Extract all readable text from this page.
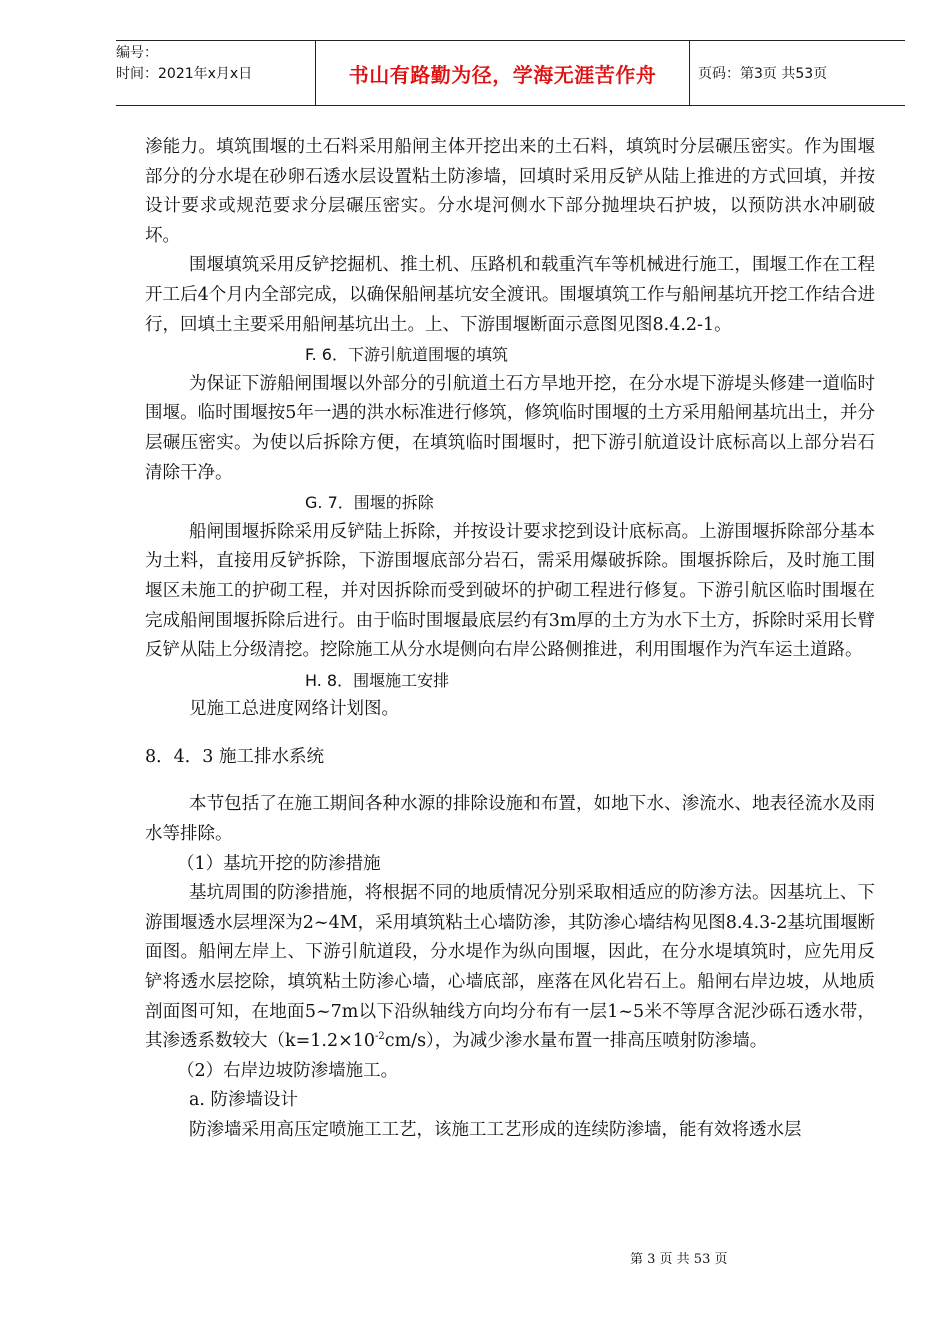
编号：
时间：2021年x月x日	书山有路勤为径，学海无涯苦作舟	页码：第3页 共53页

渗能力。填筑围堰的土石料采用船闸主体开挖出来的土石料，填筑时分层碾压密实。作为围堰部分的分水堤在砂卵石透水层设置粘土防渗墙，回填时采用反铲从陆上推进的方式回填，并按设计要求或规范要求分层碾压密实。分水堤河侧水下部分抛埋块石护坡，以预防洪水冲刷破坏。

围堰填筑采用反铲挖掘机、推土机、压路机和载重汽车等机械进行施工，围堰工作在工程开工后4个月内全部完成，以确保船闸基坑安全渡讯。围堰填筑工作与船闸基坑开挖工作结合进行，回填土主要采用船闸基坑出土。上、下游围堰断面示意图见图8.4.2-1。

F. 6．下游引航道围堰的填筑

为保证下游船闸围堰以外部分的引航道土石方旱地开挖，在分水堤下游堤头修建一道临时围堰。临时围堰按5年一遇的洪水标准进行修筑，修筑临时围堰的土方采用船闸基坑出土，并分层碾压密实。为使以后拆除方便，在填筑临时围堰时，把下游引航道设计底标高以上部分岩石清除干净。

G. 7．围堰的拆除

船闸围堰拆除采用反铲陆上拆除，并按设计要求挖到设计底标高。上游围堰拆除部分基本为土料，直接用反铲拆除，下游围堰底部分岩石，需采用爆破拆除。围堰拆除后，及时施工围堰区未施工的护砌工程，并对因拆除而受到破坏的护砌工程进行修复。下游引航区临时围堰在完成船闸围堰拆除后进行。由于临时围堰最底层约有3m厚的土方为水下土方，拆除时采用长臂反铲从陆上分级清挖。挖除施工从分水堤侧向右岸公路侧推进，利用围堰作为汽车运土道路。

H. 8．围堰施工安排

见施工总进度网络计划图。

8．4．3 施工排水系统

本节包括了在施工期间各种水源的排除设施和布置，如地下水、渗流水、地表径流水及雨水等排除。

（1）基坑开挖的防渗措施

基坑周围的防渗措施，将根据不同的地质情况分别采取相适应的防渗方法。因基坑上、下游围堰透水层埋深为2~4M，采用填筑粘土心墙防渗，其防渗心墙结构见图8.4.3-2基坑围堰断面图。船闸左岸上、下游引航道段，分水堤作为纵向围堰，因此，在分水堤填筑时，应先用反铲将透水层挖除，填筑粘土防渗心墙，心墙底部，座落在风化岩石上。船闸右岸边坡，从地质剖面图可知，在地面5~7m以下沿纵轴线方向均分布有一层1~5米不等厚含泥沙砾石透水带，其渗透系数较大$(k=1.2\times 10^{-2}cm/s)$，为减少渗水量布置一排高压喷射防渗墙。

（2）右岸边坡防渗墙施工。

a. 防渗墙设计

防渗墙采用高压定喷施工工艺，该施工工艺形成的连续防渗墙，能有效将透水层

第 3 页 共 53 页
